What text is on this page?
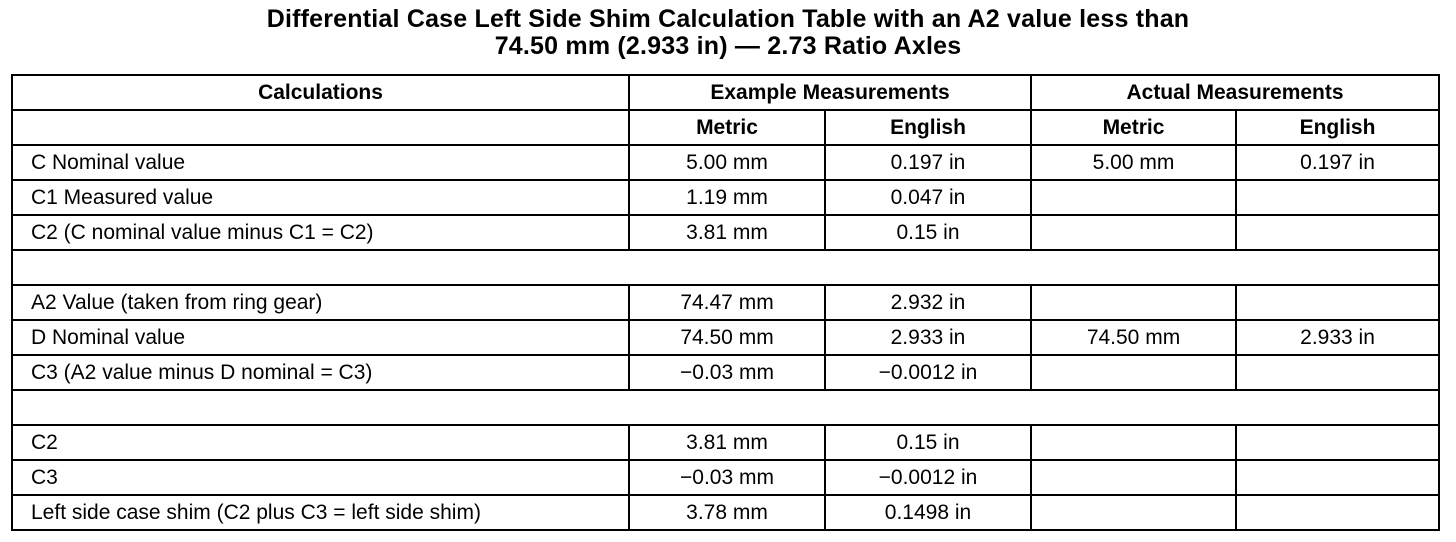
Differential Case Left Side Shim Calculation Table with an A2 value less than
74.50 mm (2.933 in) — 2.73 Ratio Axles
Calculations	Example Measurements		Actual Measurements	
	Metric	English	Metric	English
C Nominal value	5.00 mm	0.197 in	5.00 mm	0.197 in
C1 Measured value	1.19 mm	0.047 in		
C2 (C nominal value minus C1 = C2)	3.81 mm	0.15 in		

A2 Value (taken from ring gear)	74.47 mm	2.932 in		
D Nominal value	74.50 mm	2.933 in	74.50 mm	2.933 in
C3 (A2 value minus D nominal = C3)	−0.03 mm	−0.0012 in		

C2	3.81 mm	0.15 in		
C3	−0.03 mm	−0.0012 in		
Left side case shim (C2 plus C3 = left side shim)	3.78 mm	0.1498 in		
